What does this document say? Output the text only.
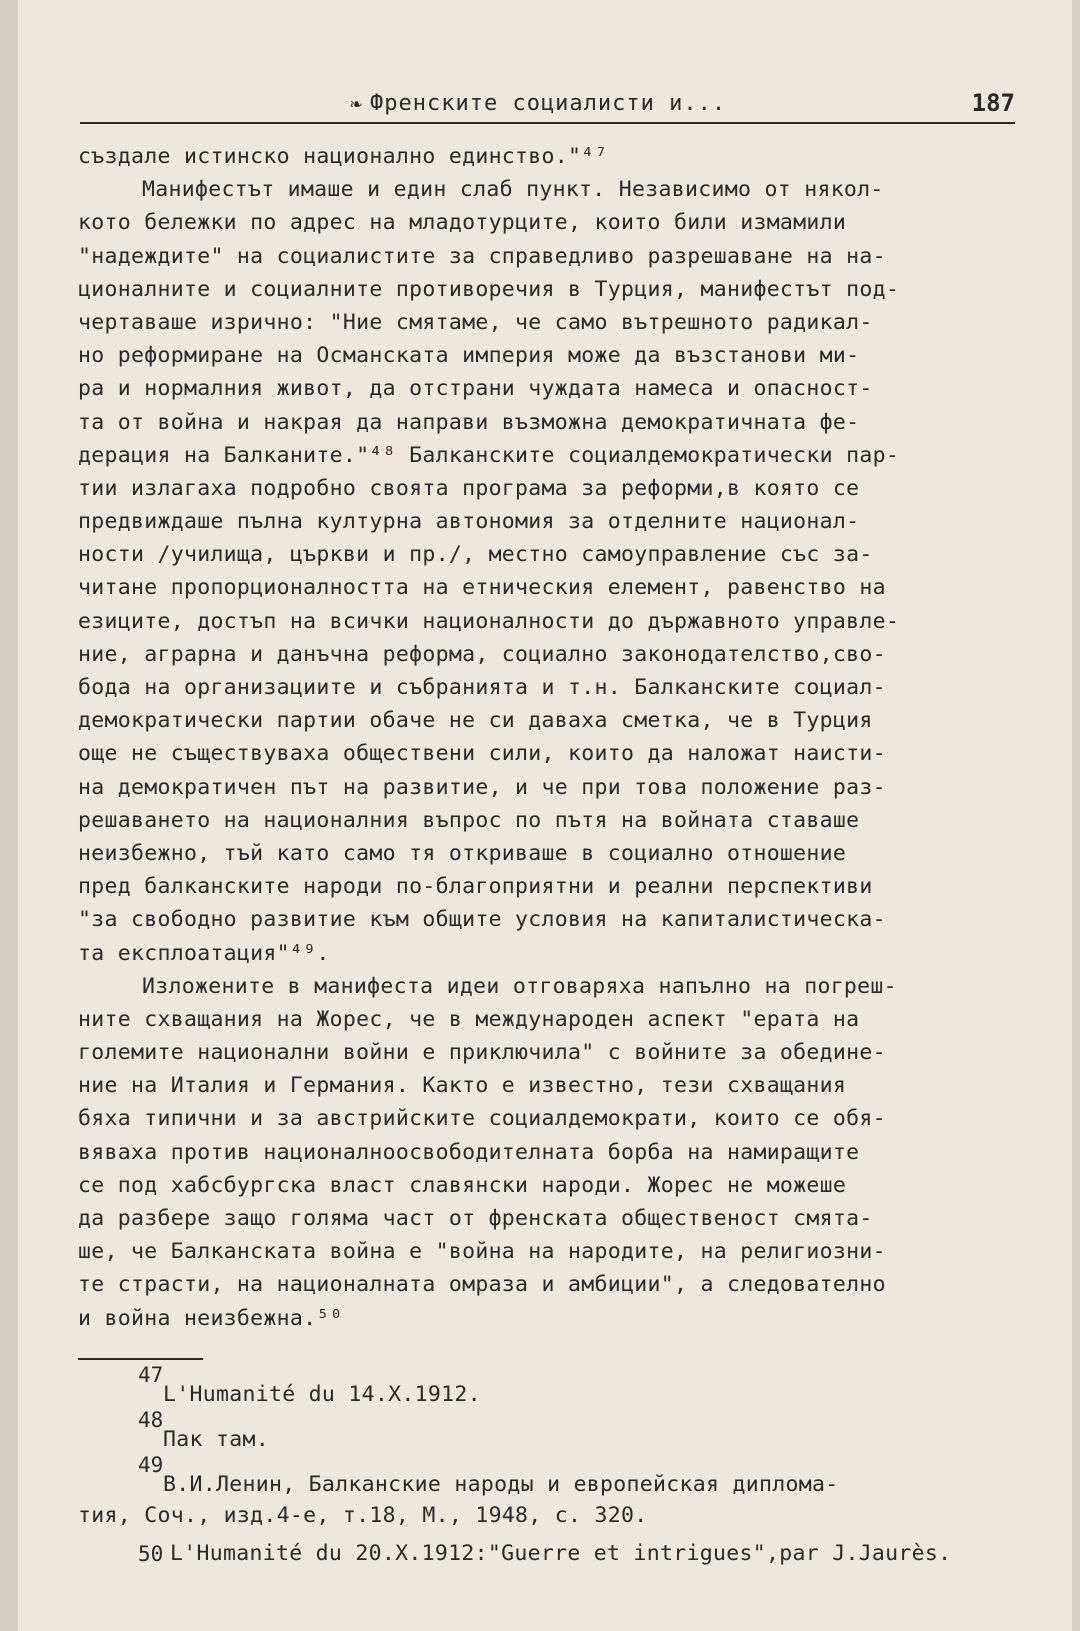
❧ Френските социалисти и...	187
създале истинско национално единство."⁴⁷
Манифестът имаше и един слаб пункт. Независимо от някол-
кото бележки по адрес на младотурците, които били измамили
"надеждите" на социалистите за справедливо разрешаване на на-
ционалните и социалните противоречия в Турция, манифестът под-
чертаваше изрично: "Ние смятаме, че само вътрешното радикал-
но реформиране на Османската империя може да възстанови ми-
ра и нормалния живот, да отстрани чуждата намеса и опасност-
та от война и накрая да направи възможна демократичната фе-
дерация на Балканите."⁴⁸ Балканските социалдемократически пар-
тии излагаха подробно своята програма за реформи,в която се
предвиждаше пълна културна автономия за отделните национал-
ности /училища, църкви и пр./, местно самоуправление със за-
читане пропорционалността на етническия елемент, равенство на
езиците, достъп на всички националности до държавното управле-
ние, аграрна и данъчна реформа, социално законодателство,сво-
бода на организациите и събранията и т.н. Балканските социал-
демократически партии обаче не си даваха сметка, че в Турция
още не съществуваха обществени сили, които да наложат наисти-
на демократичен път на развитие, и че при това положение раз-
решаването на националния въпрос по пътя на войната ставаше
неизбежно, тъй като само тя откриваше в социално отношение
пред балканските народи по-благоприятни и реални перспективи
"за свободно развитие към общите условия на капиталистическа-
та експлоатация"⁴⁹.
Изложените в манифеста идеи отговаряха напълно на погреш-
ните схващания на Жорес, че в международен аспект "ерата на
големите национални войни е приключила" с войните за обедине-
ние на Италия и Германия. Както е известно, тези схващания
бяха типични и за австрийските социалдемократи, които се обя-
вяваха против националноосвободителната борба на намиращите
се под хабсбургска власт славянски народи. Жорес не можеше
да разбере защо голяма част от френската общественост смята-
ше, че Балканската война е "война на народите, на религиозни-
те страсти, на националната омраза и амбиции", а следователно
и война неизбежна.⁵⁰
47
L'Humanité du 14.X.1912.
48
Пак там.
49
В.И.Ленин, Балканские народы и европейская диплома-
тия, Соч., изд.4-е, т.18, М., 1948, с. 320.
50 L'Humanité du 20.X.1912:"Guerre et intrigues",par J.Jaurès.
